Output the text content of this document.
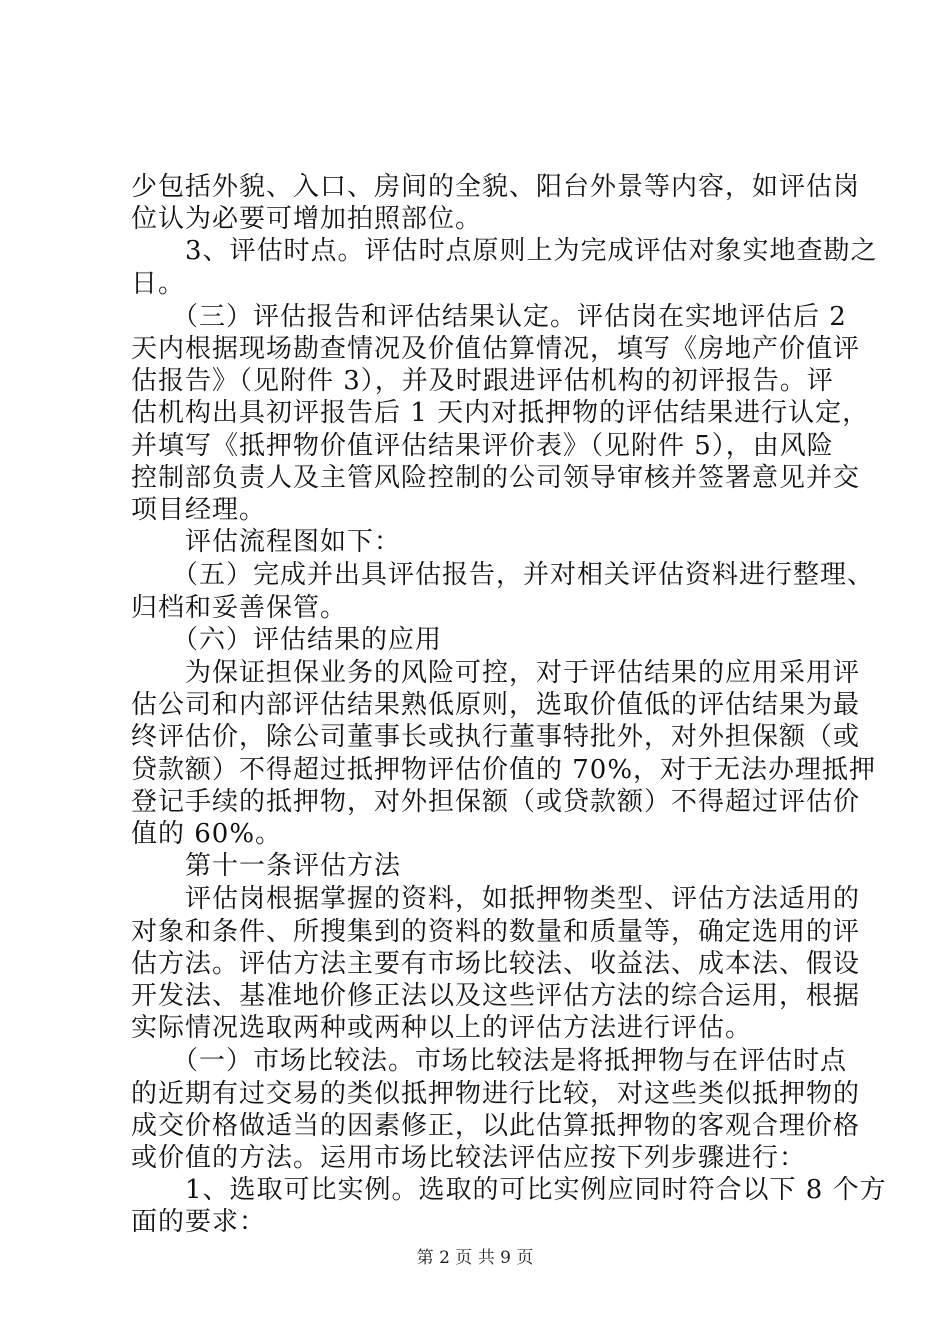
少包括外貌、入口、房间的全貌、阳台外景等内容，如评估岗
位认为必要可增加拍照部位。
　　3、评估时点。评估时点原则上为完成评估对象实地查勘之
日。
　　（三）评估报告和评估结果认定。评估岗在实地评估后 2
天内根据现场勘查情况及价值估算情况，填写《房地产价值评
估报告》（见附件 3），并及时跟进评估机构的初评报告。评
估机构出具初评报告后 1 天内对抵押物的评估结果进行认定，
并填写《抵押物价值评估结果评价表》（见附件 5），由风险
控制部负责人及主管风险控制的公司领导审核并签署意见并交
项目经理。
　　评估流程图如下：
　　（五）完成并出具评估报告，并对相关评估资料进行整理、
归档和妥善保管。
　　（六）评估结果的应用
　　为保证担保业务的风险可控，对于评估结果的应用采用评
估公司和内部评估结果熟低原则，选取价值低的评估结果为最
终评估价，除公司董事长或执行董事特批外，对外担保额（或
贷款额）不得超过抵押物评估价值的 70%，对于无法办理抵押
登记手续的抵押物，对外担保额（或贷款额）不得超过评估价
值的 60%。
　　第十一条评估方法
　　评估岗根据掌握的资料，如抵押物类型、评估方法适用的
对象和条件、所搜集到的资料的数量和质量等，确定选用的评
估方法。评估方法主要有市场比较法、收益法、成本法、假设
开发法、基准地价修正法以及这些评估方法的综合运用，根据
实际情况选取两种或两种以上的评估方法进行评估。
　　（一）市场比较法。市场比较法是将抵押物与在评估时点
的近期有过交易的类似抵押物进行比较，对这些类似抵押物的
成交价格做适当的因素修正，以此估算抵押物的客观合理价格
或价值的方法。运用市场比较法评估应按下列步骤进行：
　　1、选取可比实例。选取的可比实例应同时符合以下 8 个方
面的要求：
第 2 页 共 9 页
